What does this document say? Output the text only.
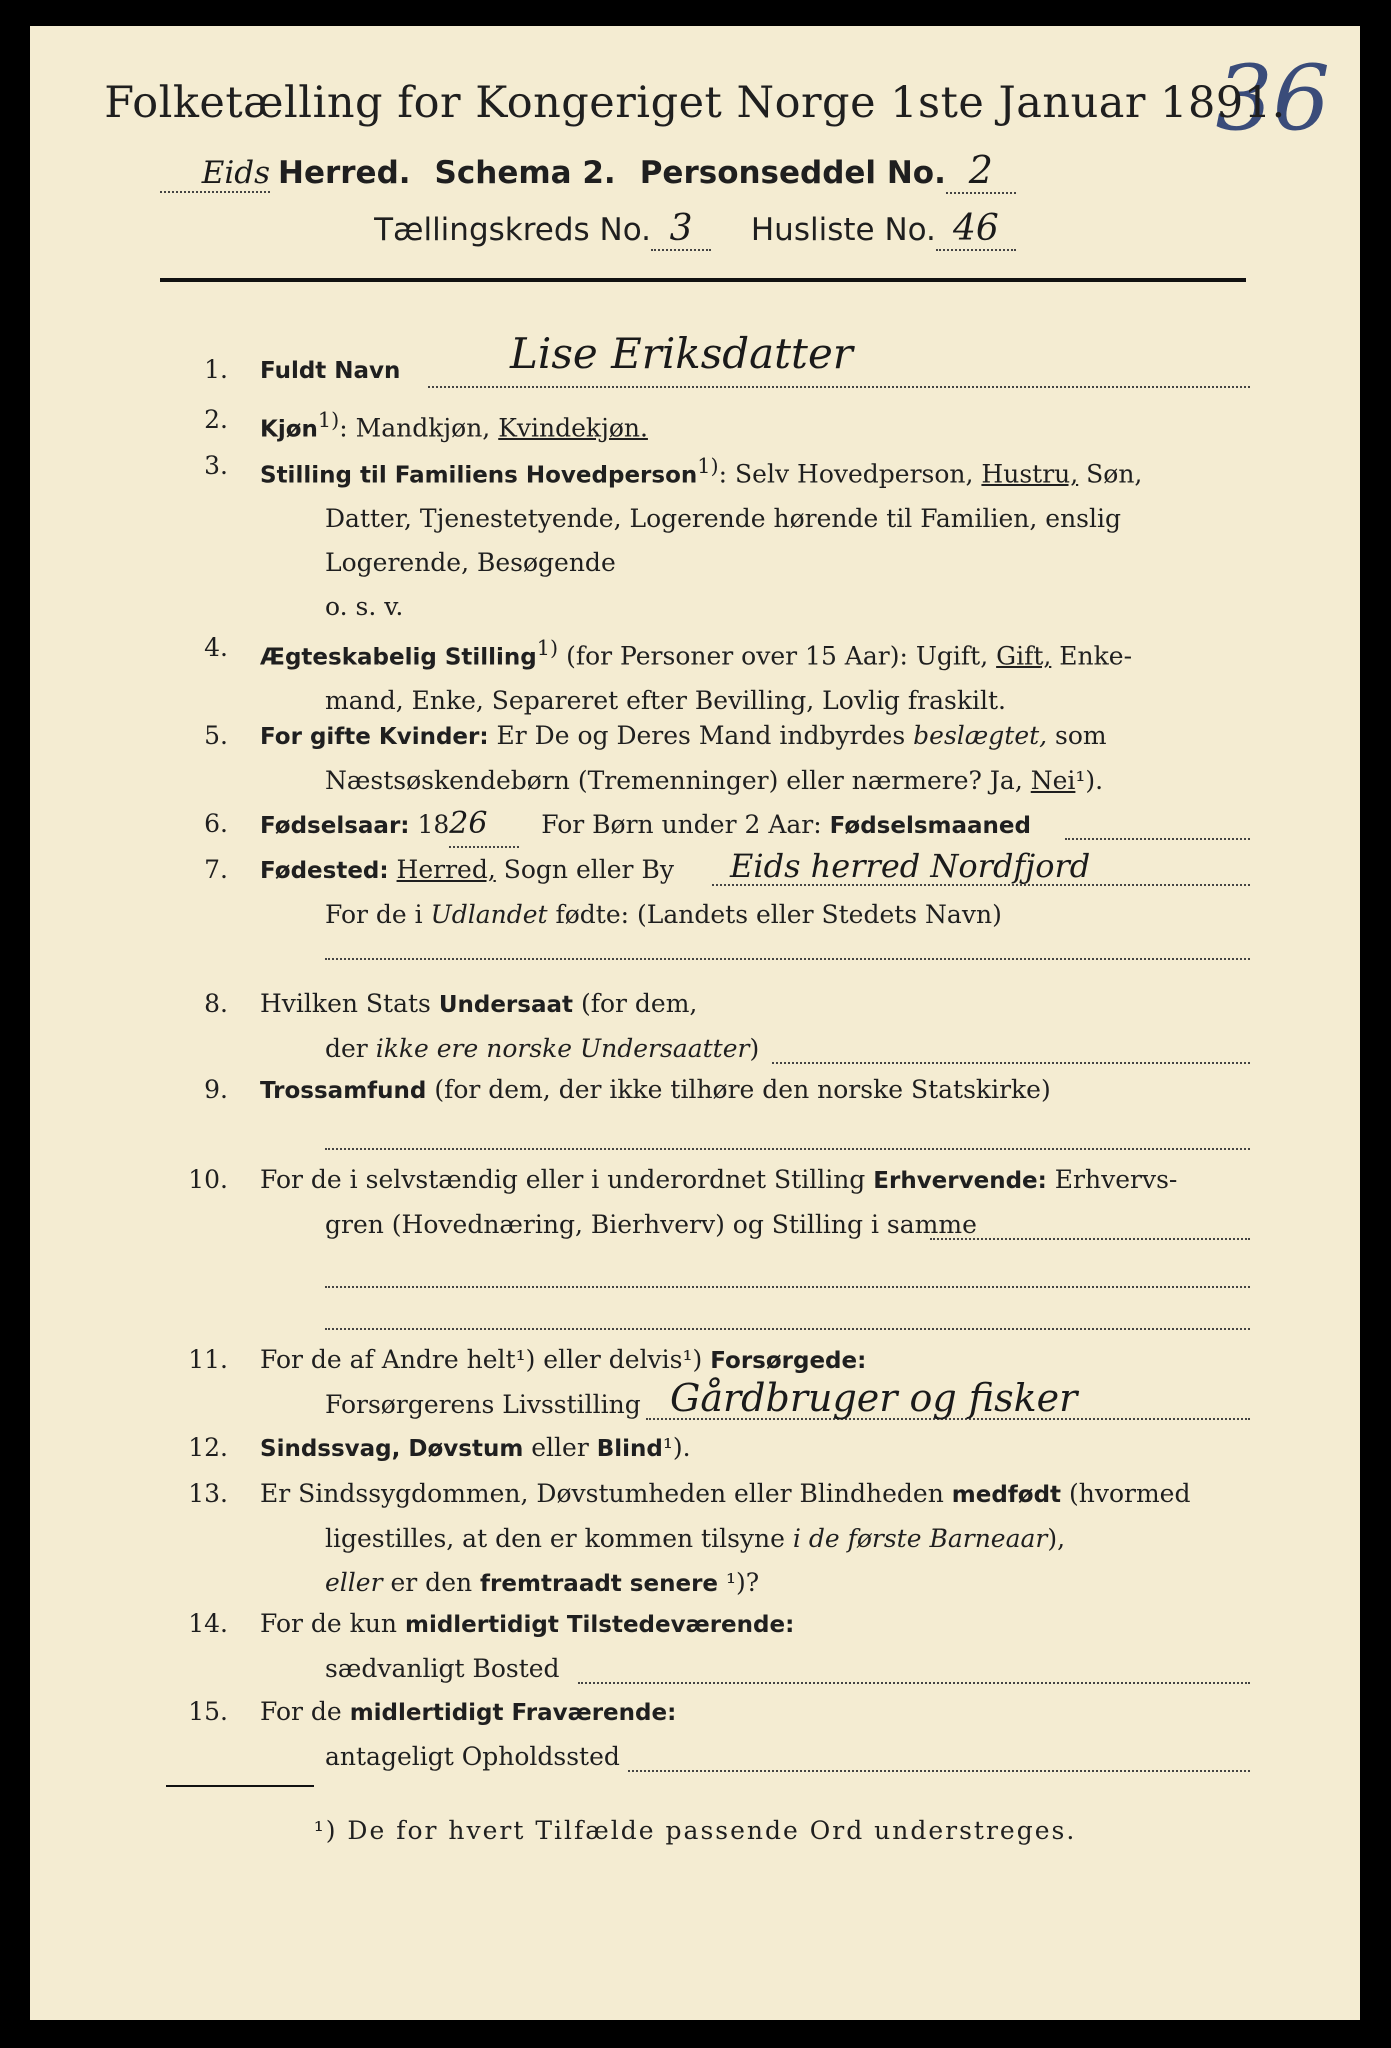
36
Folketælling for Kongeriget Norge 1ste Januar 1891.
Eids Herred. Schema 2. Personseddel No. 2
Tællingskreds No. 3 Husliste No. 46
1. Fuldt Navn	Lise Eriksdatter
2. Kjøn$^{1)}$: Mandkjøn, Kvindekjøn.
3. Stilling til Familiens Hovedperson$^{1)}$: Selv Hovedperson, Hustru, Søn,
Datter, Tjenestetyende, Logerende hørende til Familien, enslig
Logerende, Besøgende
o. s. v.
4. Ægteskabelig Stilling$^{1)}$ (for Personer over 15 Aar): Ugift, Gift, Enke-
mand, Enke, Separeret efter Bevilling, Lovlig fraskilt.
5. For gifte Kvinder: Er De og Deres Mand indbyrdes beslægtet, som
Næstsøskendebørn (Tremenninger) eller nærmere? Ja, Nei¹).
6. Fødselsaar: 1826 For Børn under 2 Aar: Fødselsmaaned
7. Fødested: Herred, Sogn eller By
For de i Udlandet fødte: (Landets eller Stedets Navn)
Eids herred Nordfjord
8. Hvilken Stats Undersaat (for dem,
der ikke ere norske Undersaatter)
9. Trossamfund (for dem, der ikke tilhøre den norske Statskirke)
10. For de i selvstændig eller i underordnet Stilling Erhvervende: Erhvervs-
gren (Hovednæring, Bierhverv) og Stilling i samme
11. For de af Andre helt¹) eller delvis¹) Forsørgede:
Forsørgerens Livsstilling Gårdbruger og fisker
12. Sindssvag, Døvstum eller Blind¹).
13. Er Sindssygdommen, Døvstumheden eller Blindheden medfødt (hvormed
ligestilles, at den er kommen tilsyne i de første Barneaar),
eller er den fremtraadt senere ¹)?
14. For de kun midlertidigt Tilstedeværende:
sædvanligt Bosted
15. For de midlertidigt Fraværende:
antageligt Opholdssted
¹) De for hvert Tilfælde passende Ord understreges.
